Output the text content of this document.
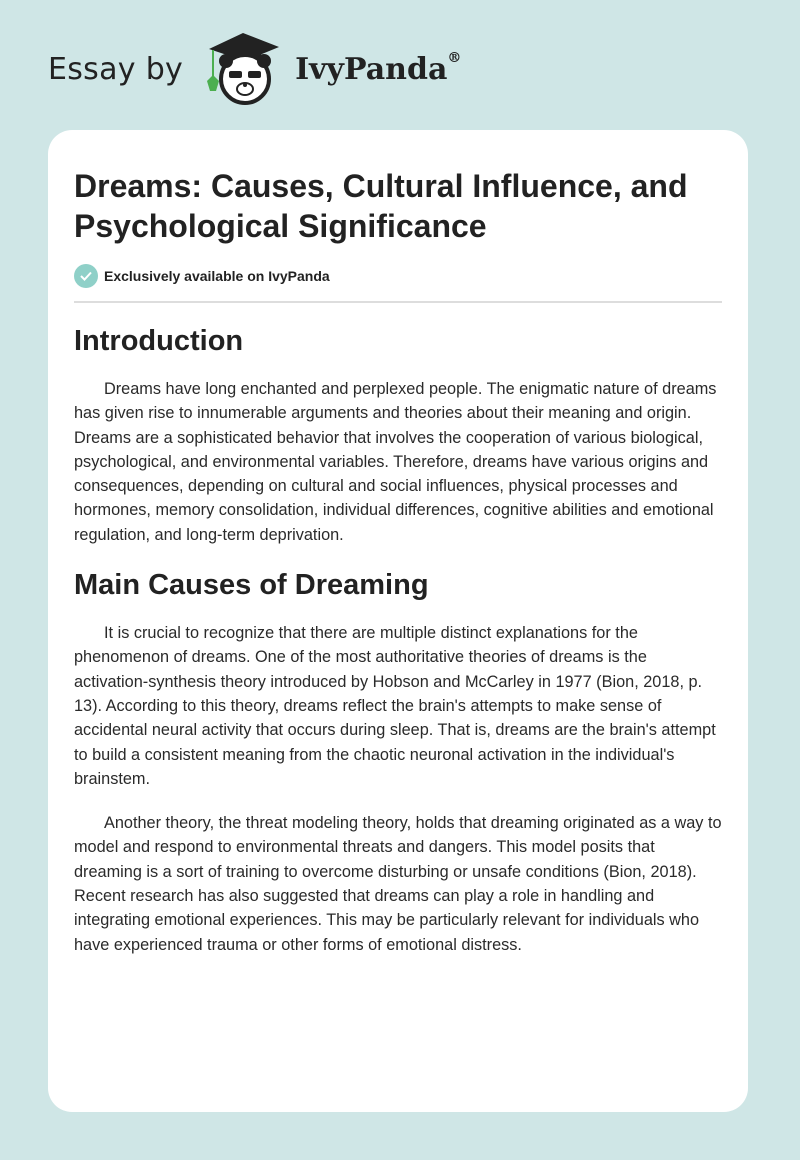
Essay by	IvyPanda®
Dreams: Causes, Cultural Influence, and Psychological Significance
Exclusively available on IvyPanda
Introduction

Dreams have long enchanted and perplexed people. The enigmatic nature of dreams has given rise to innumerable arguments and theories about their meaning and origin. Dreams are a sophisticated behavior that involves the cooperation of various biological, psychological, and environmental variables. Therefore, dreams have various origins and consequences, depending on cultural and social influences, physical processes and hormones, memory consolidation, individual differences, cognitive abilities and emotional regulation, and long-term deprivation.

Main Causes of Dreaming

It is crucial to recognize that there are multiple distinct explanations for the phenomenon of dreams. One of the most authoritative theories of dreams is the activation-synthesis theory introduced by Hobson and McCarley in 1977 (Bion, 2018, p. 13). According to this theory, dreams reflect the brain's attempts to make sense of accidental neural activity that occurs during sleep. That is, dreams are the brain's attempt to build a consistent meaning from the chaotic neuronal activation in the individual's brainstem.

Another theory, the threat modeling theory, holds that dreaming originated as a way to model and respond to environmental threats and dangers. This model posits that dreaming is a sort of training to overcome disturbing or unsafe conditions (Bion, 2018). Recent research has also suggested that dreams can play a role in handling and integrating emotional experiences. This may be particularly relevant for individuals who have experienced trauma or other forms of emotional distress.
